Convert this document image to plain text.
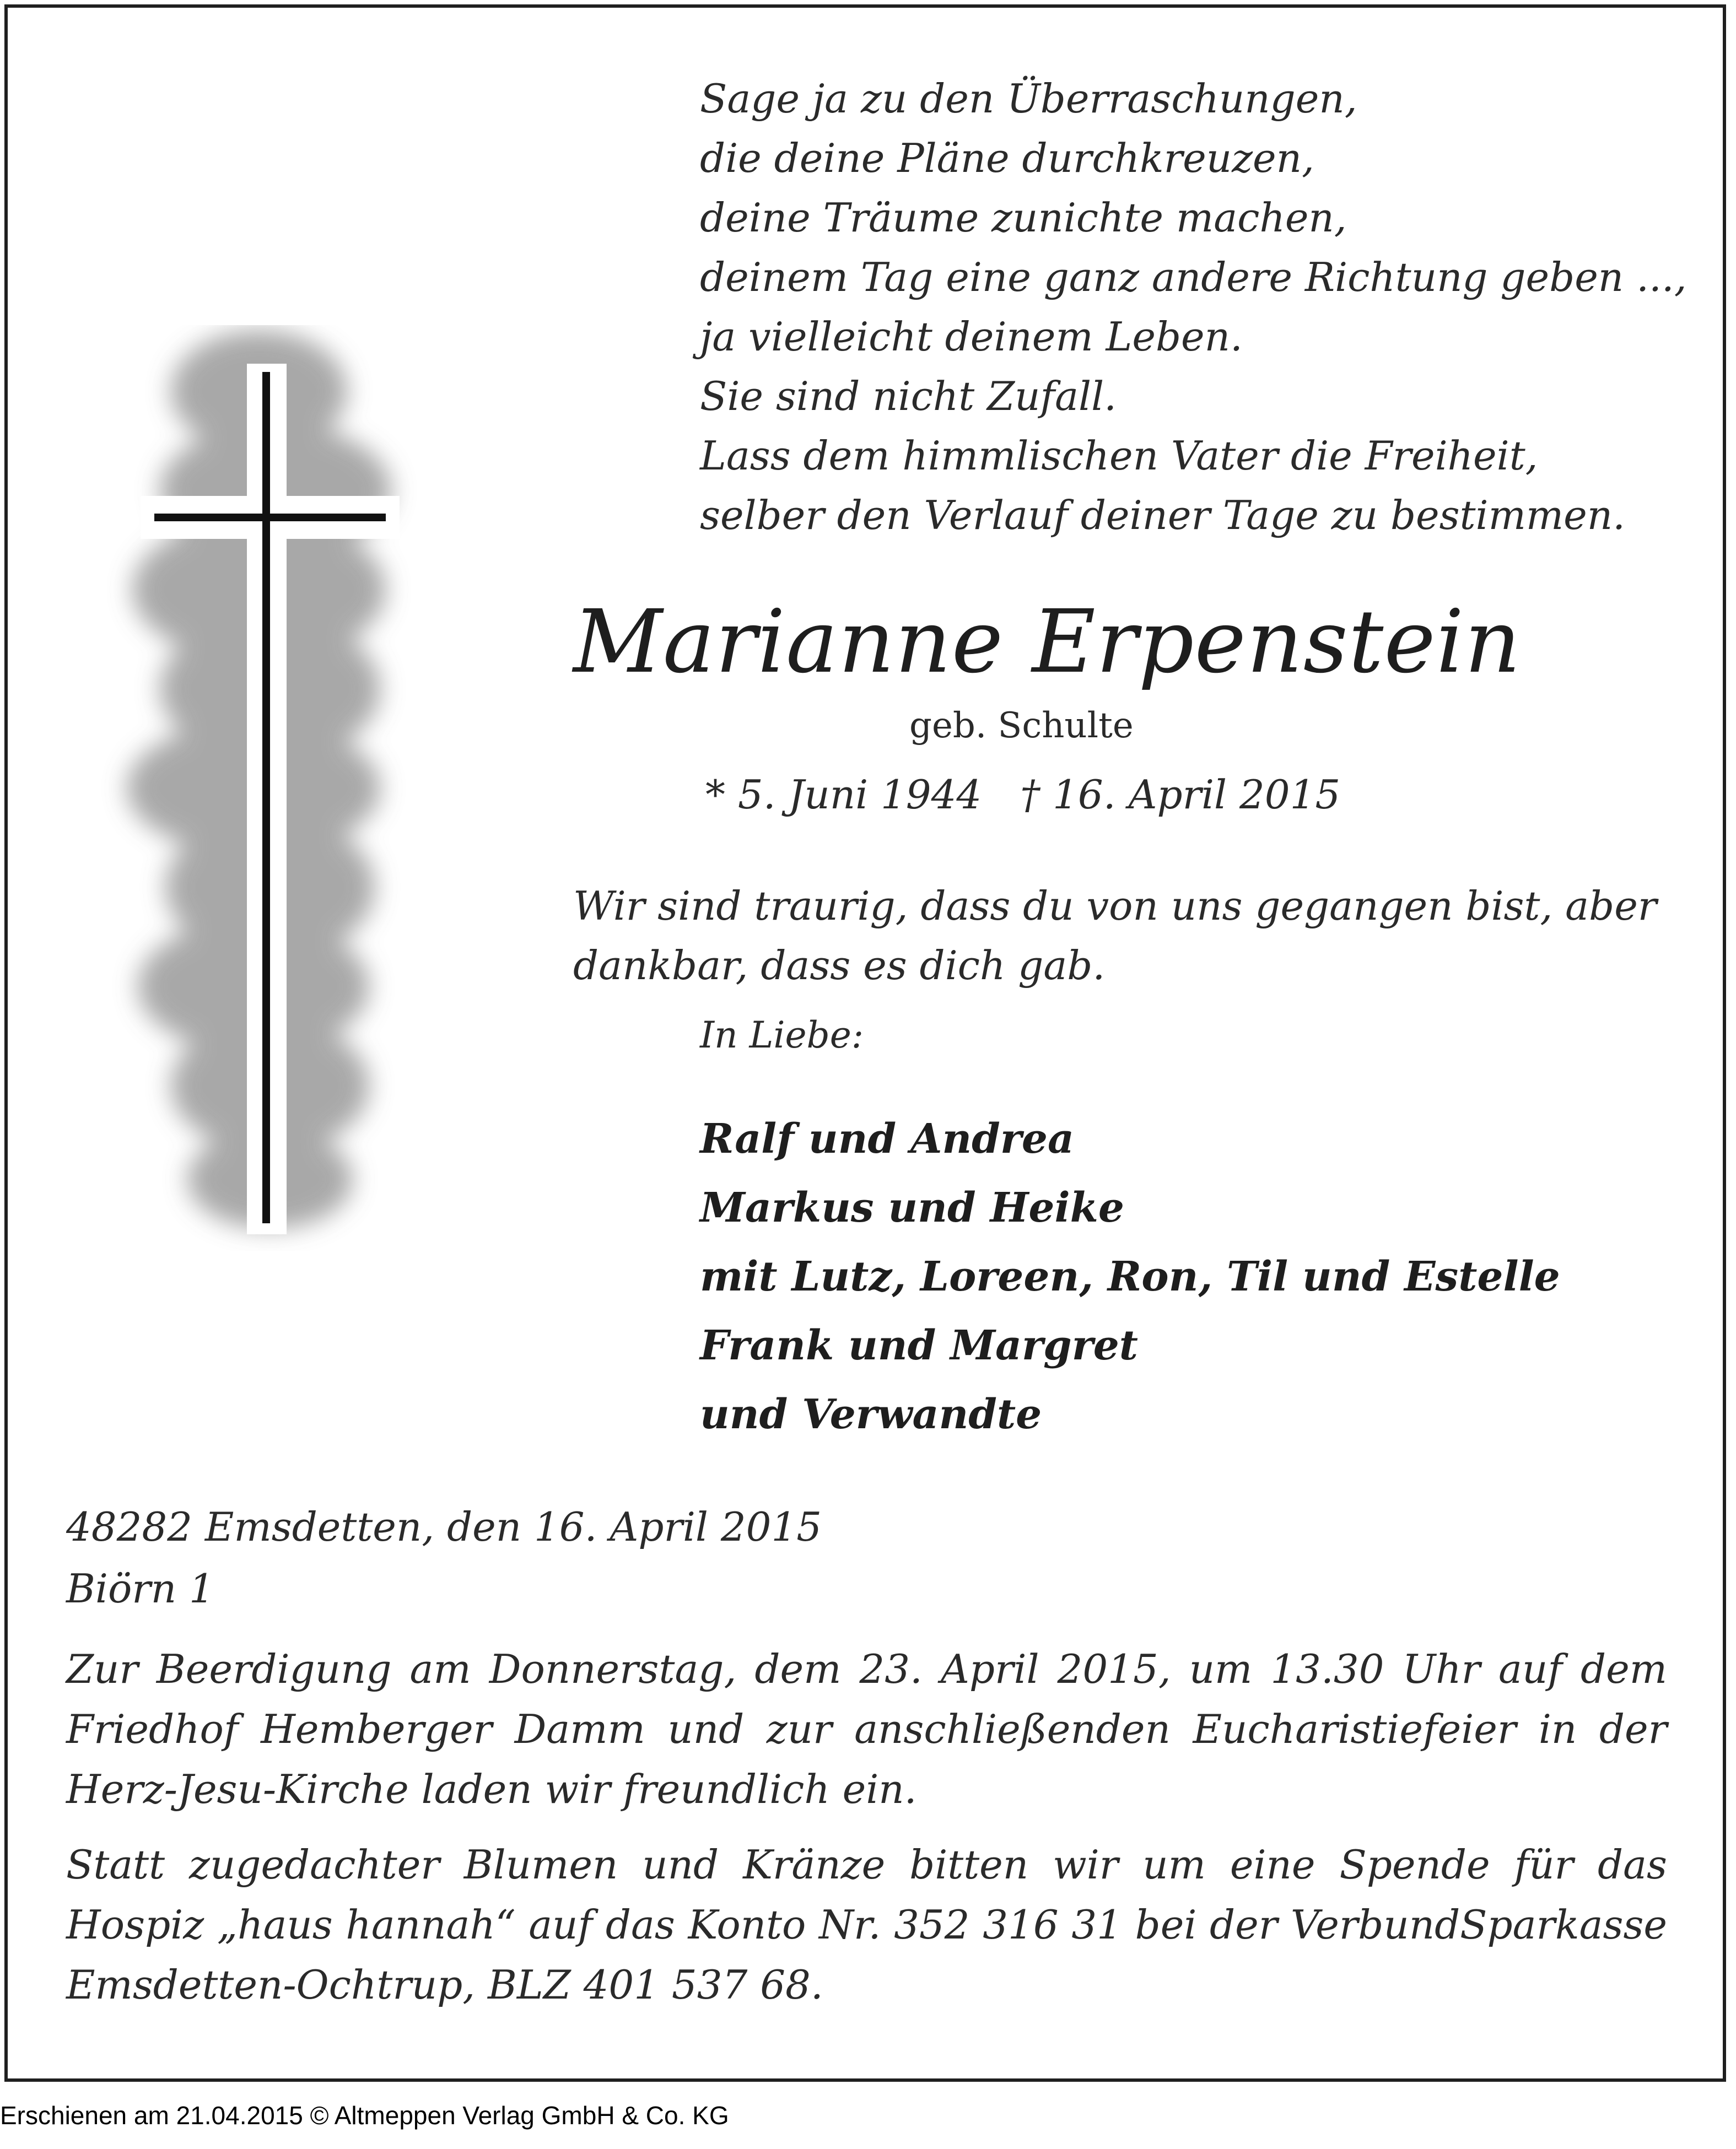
Sage ja zu den Überraschungen,
die deine Pläne durchkreuzen,
deine Träume zunichte machen,
deinem Tag eine ganz andere Richtung geben ...,
ja vielleicht deinem Leben.
Sie sind nicht Zufall.
Lass dem himmlischen Vater die Freiheit,
selber den Verlauf deiner Tage zu bestimmen.
Marianne Erpenstein
geb. Schulte
* 5. Juni 1944 † 16. April 2015
Wir sind traurig, dass du von uns gegangen bist, aber dankbar, dass es dich gab.
In Liebe:
Ralf und Andrea
Markus und Heike
mit Lutz, Loreen, Ron, Til und Estelle
Frank und Margret
und Verwandte
48282 Emsdetten, den 16. April 2015
Biörn 1
Zur Beerdigung am Donnerstag, dem 23. April 2015, um 13.30 Uhr auf dem Friedhof Hemberger Damm und zur anschließenden Eucharistiefeier in der Herz-Jesu-Kirche laden wir freundlich ein.
Statt zugedachter Blumen und Kränze bitten wir um eine Spende für das Hospiz „haus hannah“ auf das Konto Nr. 352 316 31 bei der VerbundSparkasse Emsdetten-Ochtrup, BLZ 401 537 68.
Erschienen am 21.04.2015 © Altmeppen Verlag GmbH & Co. KG
